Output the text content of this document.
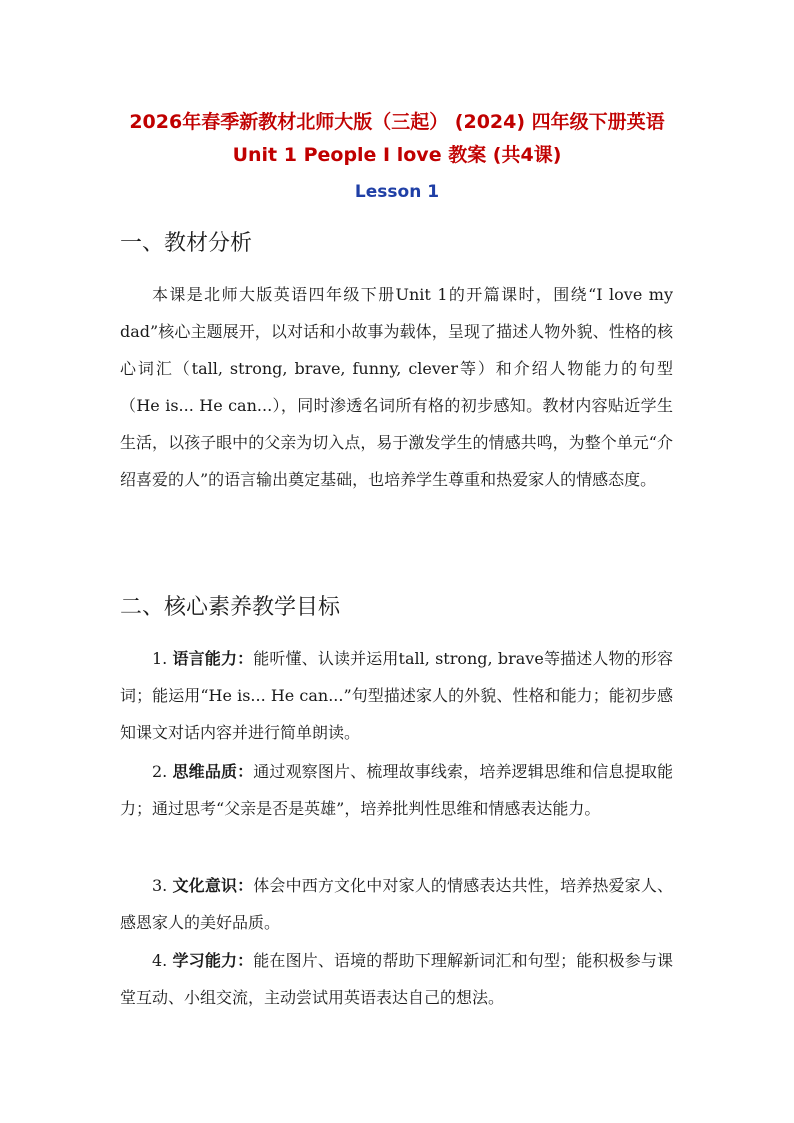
2026年春季新教材北师大版（三起） (2024) 四年级下册英语
Unit 1 People I love 教案 (共4课)
Lesson 1
一、教材分析
本课是北师大版英语四年级下册Unit 1的开篇课时，围绕“I love my dad”核心主题展开，以对话和小故事为载体，呈现了描述人物外貌、性格的核心词汇（tall, strong, brave, funny, clever等）和介绍人物能力的句型（He is... He can...），同时渗透名词所有格的初步感知。教材内容贴近学生生活，以孩子眼中的父亲为切入点，易于激发学生的情感共鸣，为整个单元“介绍喜爱的人”的语言输出奠定基础，也培养学生尊重和热爱家人的情感态度。
二、核心素养教学目标
1. 语言能力：能听懂、认读并运用tall, strong, brave等描述人物的形容词；能运用“He is... He can...”句型描述家人的外貌、性格和能力；能初步感知课文对话内容并进行简单朗读。
2. 思维品质：通过观察图片、梳理故事线索，培养逻辑思维和信息提取能力；通过思考“父亲是否是英雄”，培养批判性思维和情感表达能力。
3. 文化意识：体会中西方文化中对家人的情感表达共性，培养热爱家人、感恩家人的美好品质。
4. 学习能力：能在图片、语境的帮助下理解新词汇和句型；能积极参与课堂互动、小组交流，主动尝试用英语表达自己的想法。
